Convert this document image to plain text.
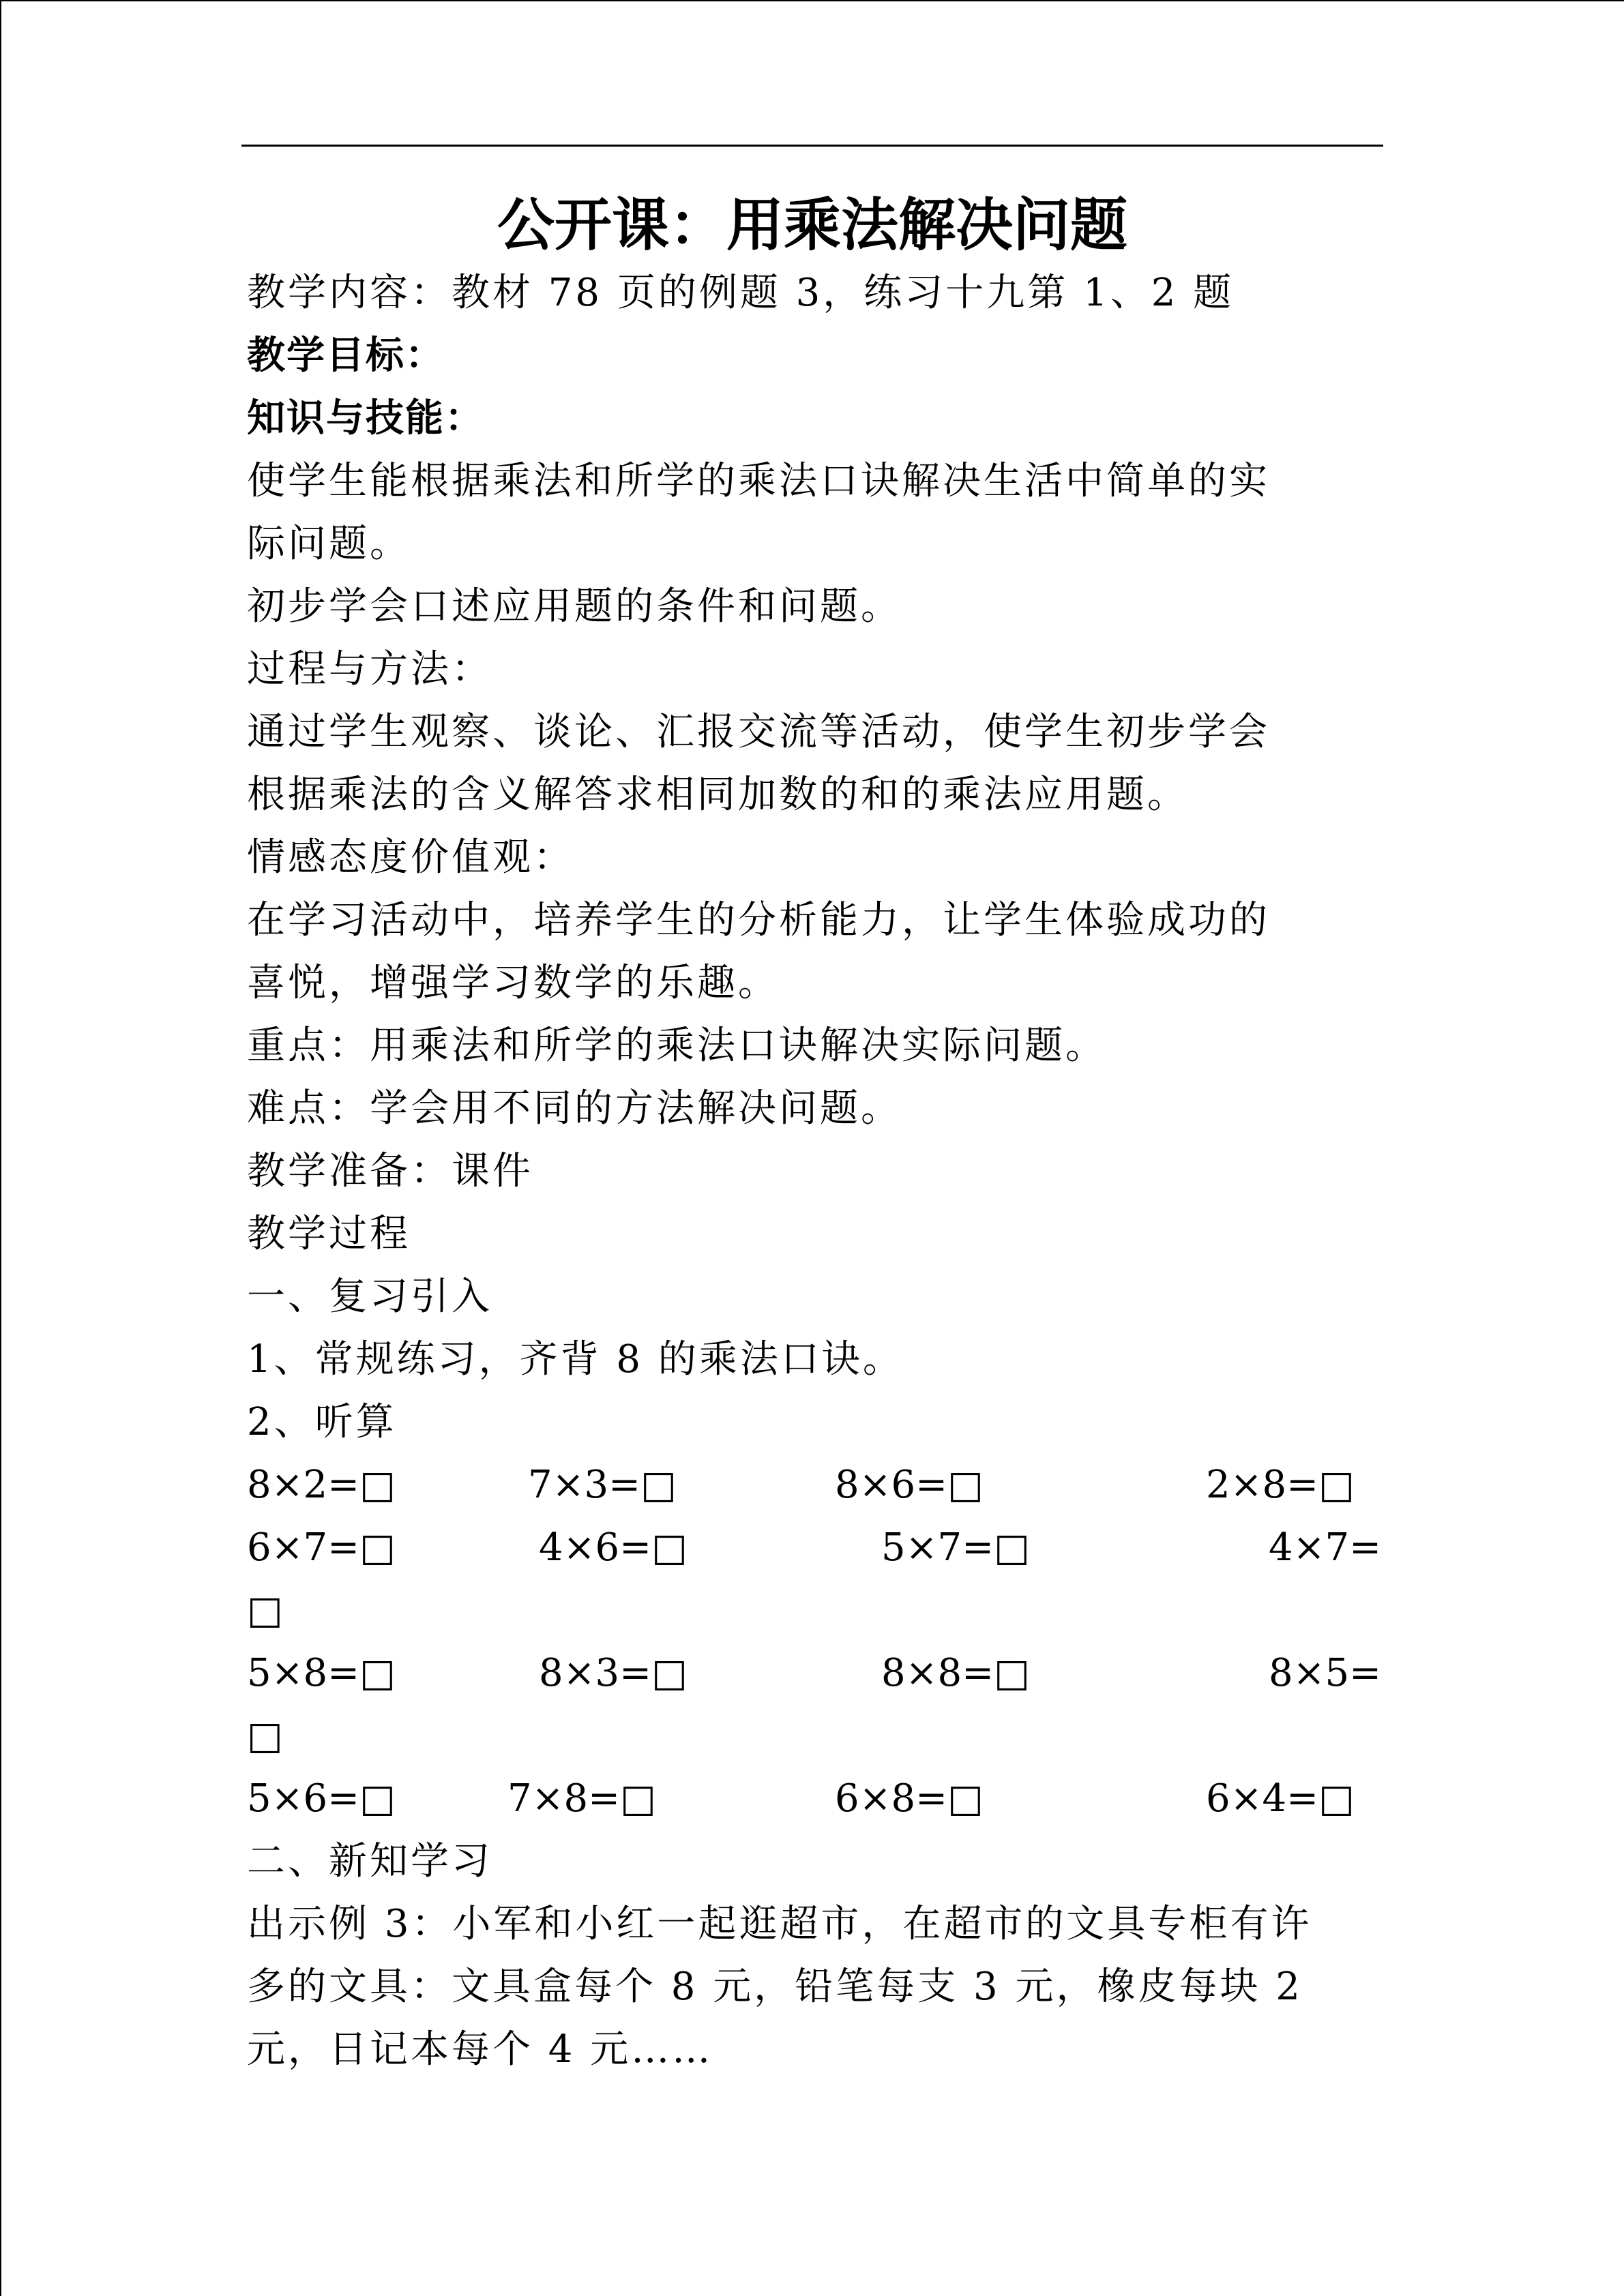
公开课：用乘法解决问题
教学内容：教材 78 页的例题 3，练习十九第 1、2 题
教学目标：
知识与技能：
使学生能根据乘法和所学的乘法口诀解决生活中简单的实
际问题。
初步学会口述应用题的条件和问题。
过程与方法：
通过学生观察、谈论、汇报交流等活动，使学生初步学会
根据乘法的含义解答求相同加数的和的乘法应用题。
情感态度价值观：
在学习活动中，培养学生的分析能力，让学生体验成功的
喜悦，增强学习数学的乐趣。
重点：用乘法和所学的乘法口诀解决实际问题。
难点：学会用不同的方法解决问题。
教学准备：课件
教学过程
一、复习引入
1、常规练习，齐背 8 的乘法口诀。
2、听算
8×2=□	7×3=□	8×6=□	2×8=□
6×7=□	4×6=□	5×7=□	4×7=
□
5×8=□	8×3=□	8×8=□	8×5=
□
5×6=□	7×8=□	6×8=□	6×4=□
二、新知学习
出示例 3：小军和小红一起逛超市，在超市的文具专柜有许
多的文具：文具盒每个 8 元，铅笔每支 3 元，橡皮每块 2
元，日记本每个 4 元……
